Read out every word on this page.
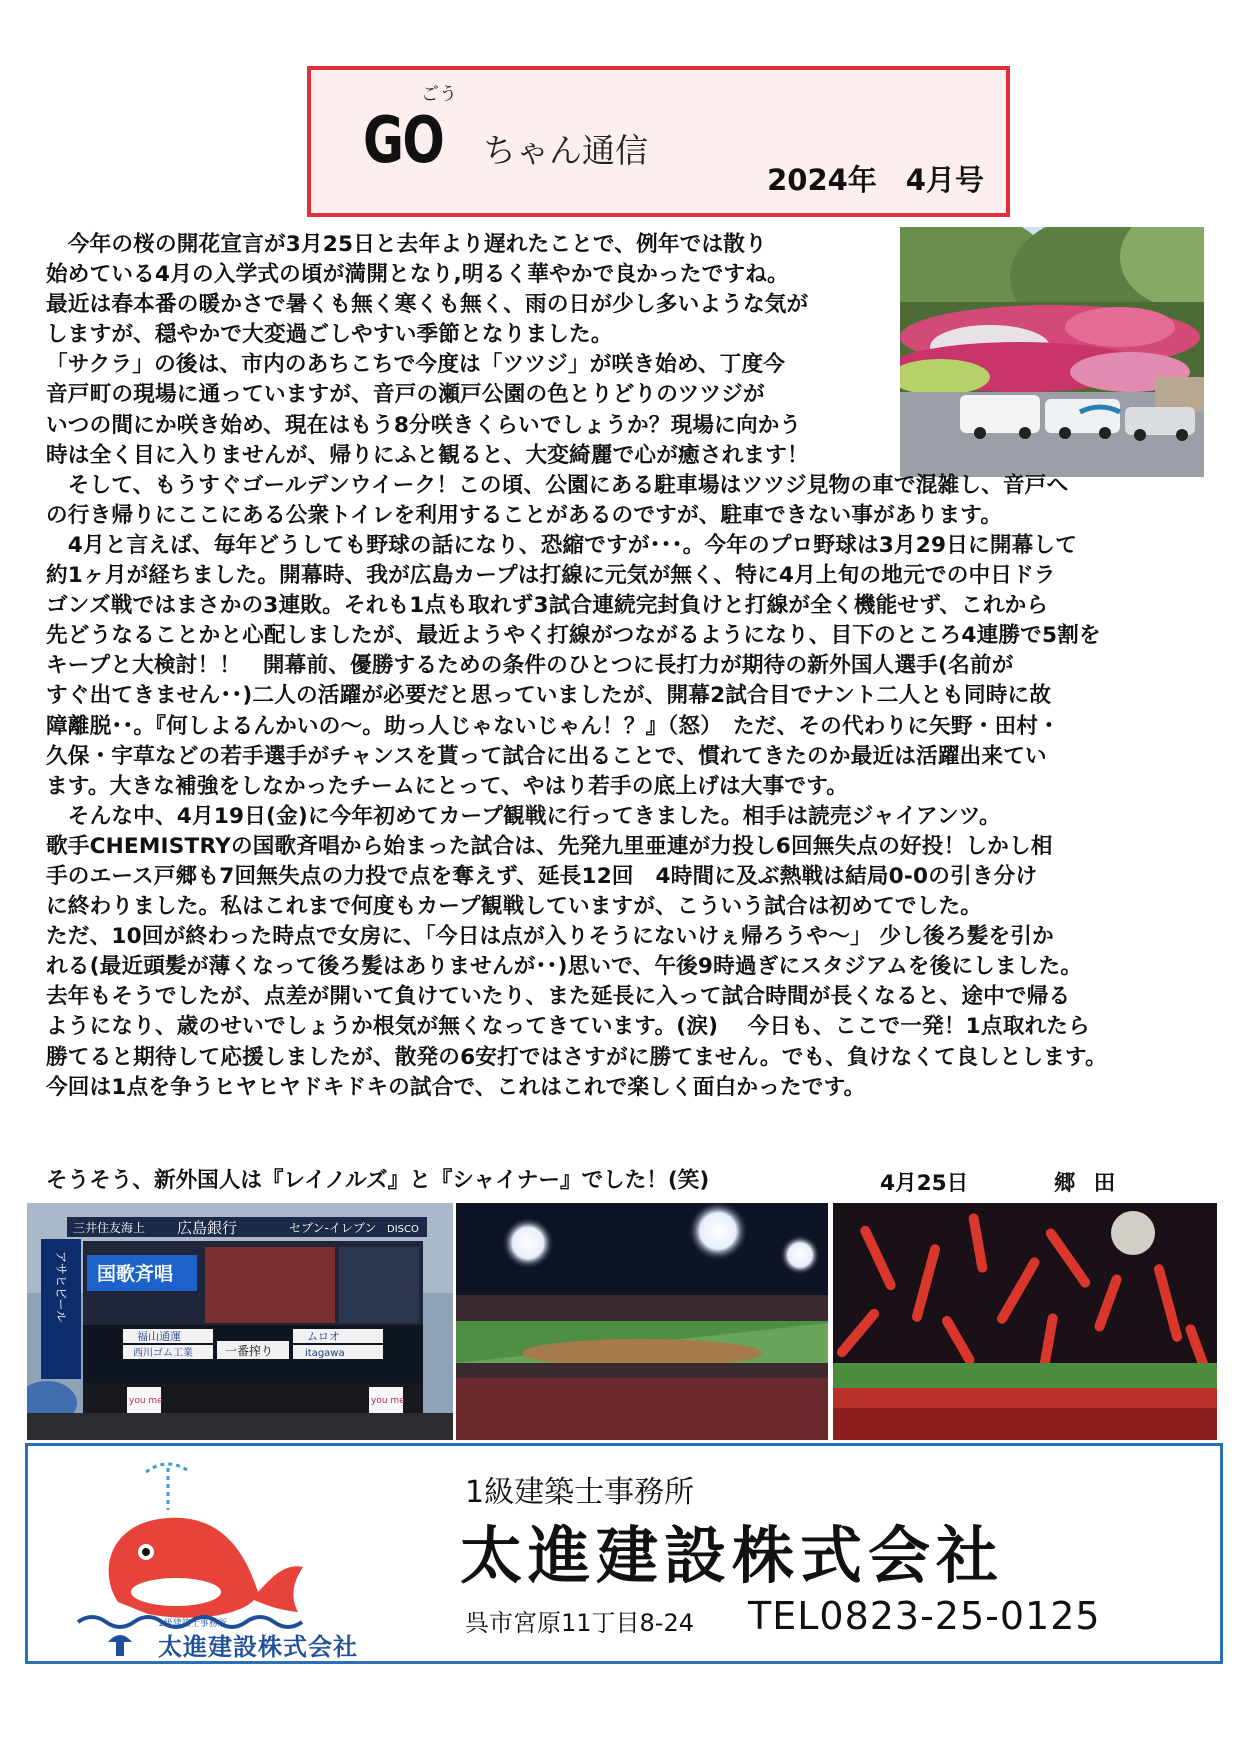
ごう
GO ちゃん通信
2024年　4月号

　今年の桜の開花宣言が3月25日と去年より遅れたことで、例年では散り
始めている4月の入学式の頃が満開となり,明るく華やかで良かったですね。
最近は春本番の暖かさで暑くも無く寒くも無く、雨の日が少し多いような気が
しますが、穏やかで大変過ごしやすい季節となりました。

「サクラ」の後は、市内のあちこちで今度は「ツツジ」が咲き始め、丁度今
音戸町の現場に通っていますが、音戸の瀬戸公園の色とりどりのツツジが
いつの間にか咲き始め、現在はもう8分咲きくらいでしょうか？現場に向かう
時は全く目に入りませんが、帰りにふと観ると、大変綺麗で心が癒されます！

　そして、もうすぐゴールデンウイーク！この頃、公園にある駐車場はツツジ見物の車で混雑し、音戸へ
の行き帰りにここにある公衆トイレを利用することがあるのですが、駐車できない事があります。

　4月と言えば、毎年どうしても野球の話になり、恐縮ですが･･･。今年のプロ野球は3月29日に開幕して
約1ヶ月が経ちました。開幕時、我が広島カープは打線に元気が無く、特に4月上旬の地元での中日ドラ
ゴンズ戦ではまさかの3連敗。それも1点も取れず3試合連続完封負けと打線が全く機能せず、これから
先どうなることかと心配しましたが、最近ようやく打線がつながるようになり、目下のところ4連勝で5割を
キープと大検討！！　開幕前、優勝するための条件のひとつに長打力が期待の新外国人選手(名前が
すぐ出てきません･･)二人の活躍が必要だと思っていましたが、開幕2試合目でナント二人とも同時に故
障離脱･･。『何しよるんかいの～。助っ人じゃないじゃん！？』（怒）　ただ、その代わりに矢野・田村・
久保・宇草などの若手選手がチャンスを貰って試合に出ることで、慣れてきたのか最近は活躍出来てい
ます。大きな補強をしなかったチームにとって、やはり若手の底上げは大事です。

　そんな中、4月19日(金)に今年初めてカープ観戦に行ってきました。相手は読売ジャイアンツ。
歌手CHEMISTRYの国歌斉唱から始まった試合は、先発九里亜連が力投し6回無失点の好投！しかし相
手のエース戸郷も7回無失点の力投で点を奪えず、延長12回　4時間に及ぶ熱戦は結局0-0の引き分け
に終わりました。私はこれまで何度もカープ観戦していますが、こういう試合は初めてでした。
ただ、10回が終わった時点で女房に、「今日は点が入りそうにないけぇ帰ろうや～」 少し後ろ髪を引か
れる(最近頭髪が薄くなって後ろ髪はありませんが･･)思いで、午後9時過ぎにスタジアムを後にしました。
去年もそうでしたが、点差が開いて負けていたり、また延長に入って試合時間が長くなると、途中で帰る
ようになり、歳のせいでしょうか根気が無くなってきています。(涙)　 今日も、ここで一発！1点取れたら
勝てると期待して応援しましたが、散発の6安打ではさすがに勝てません。でも、負けなくて良しとします。
今回は1点を争うヒヤヒヤドキドキの試合で、これはこれで楽しく面白かったです。

そうそう、新外国人は『レイノルズ』と『シャイナー』でした！(笑)	4月25日	郷田
三井住友海上 広島銀行	セブン-イレブン DISCO
アサヒビール 国歌斉唱
福山通運
西川ゴム工業	一番搾り
ムロオ
itagawa
you me	you me
1級建築士事務所
太進建設株式会社
1級建築士事務所
太進建設株式会社
呉市宮原11丁目8-24 TEL0823-25-0125
